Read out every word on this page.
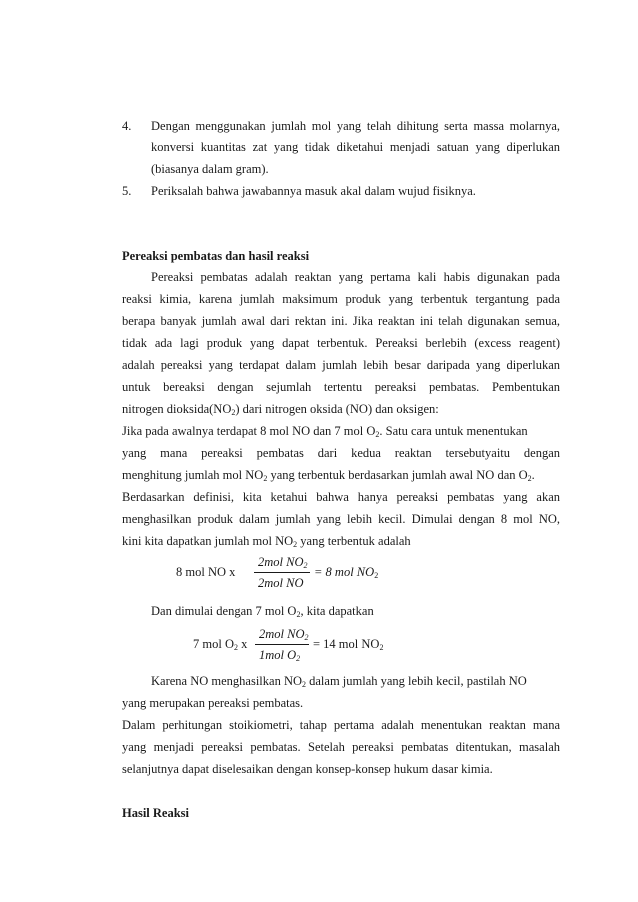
4. Dengan menggunakan jumlah mol yang telah dihitung serta massa molarnya,
konversi kuantitas zat yang tidak diketahui menjadi satuan yang diperlukan
(biasanya dalam gram).
5. Periksalah bahwa jawabannya masuk akal dalam wujud fisiknya.
Pereaksi pembatas dan hasil reaksi
Pereaksi pembatas adalah reaktan yang pertama kali habis digunakan pada
reaksi kimia, karena jumlah maksimum produk yang terbentuk tergantung pada
berapa banyak jumlah awal dari rektan ini. Jika reaktan ini telah digunakan semua,
tidak ada lagi produk yang dapat terbentuk. Pereaksi berlebih (excess reagent)
adalah pereaksi yang terdapat dalam jumlah lebih besar daripada yang diperlukan
untuk bereaksi dengan sejumlah tertentu pereaksi pembatas. Pembentukan
nitrogen $dioksida(NO_2)$ dari nitrogen oksida (NO) dan oksigen:
Jika pada awalnya terdapat 8 mol NO dan 7 mol $O_2$. Satu cara untuk menentukan
yang mana pereaksi pembatas dari kedua reaktan tersebutyaitu dengan
menghitung jumlah mol $NO_2$ yang terbentuk berdasarkan jumlah awal NO dan $O_2$.
Berdasarkan definisi, kita ketahui bahwa hanya pereaksi pembatas yang akan
menghasilkan produk dalam jumlah yang lebih kecil. Dimulai dengan 8 mol NO,
kini kita dapatkan jumlah mol $NO_2$ yang terbentuk adalah
8 mol NO x
2mol $NO_2$
2mol NO
= 8 mol $NO_2$
Dan dimulai dengan 7 mol $O_2$, kita dapatkan
7 mol $O_2$ x
2mol $NO_2$
1mol $O_2$
= 14 mol $NO_2$
Karena NO menghasilkan $NO_2$ dalam jumlah yang lebih kecil, pastilah NO
yang merupakan pereaksi pembatas.
Dalam perhitungan stoikiometri, tahap pertama adalah menentukan reaktan mana
yang menjadi pereaksi pembatas. Setelah pereaksi pembatas ditentukan, masalah
selanjutnya dapat diselesaikan dengan konsep-konsep hukum dasar kimia.
Hasil Reaksi
